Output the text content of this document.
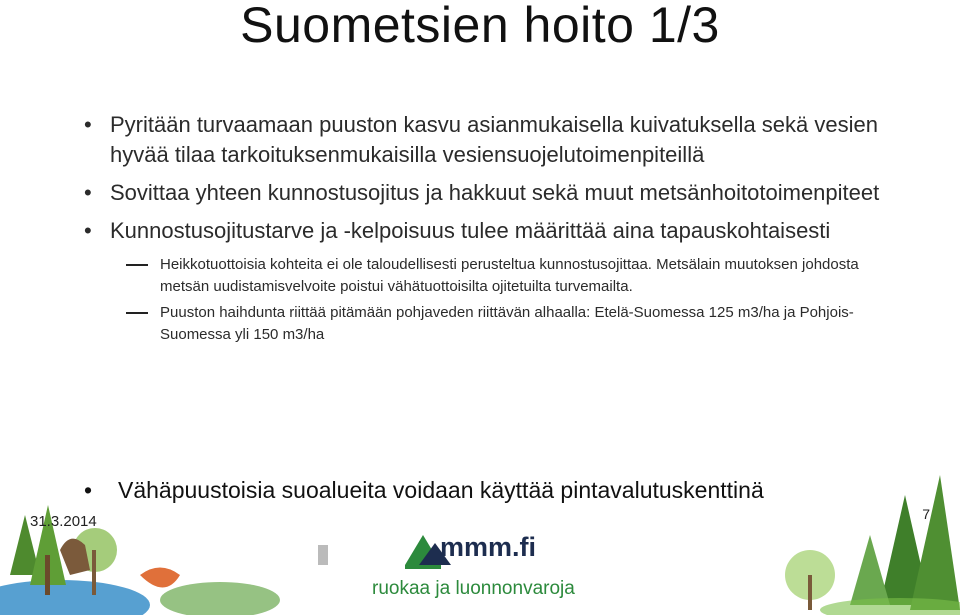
Suometsien hoito 1/3
• Pyritään turvaamaan puuston kasvu asianmukaisella kuivatuksella sekä vesien hyvää tilaa tarkoituksenmukaisilla vesiensuojelutoimenpiteillä
• Sovittaa yhteen kunnostusojitus ja hakkuut sekä muut metsänhoitotoimenpiteet
• Kunnostusojitustarve ja -kelpoisuus tulee määrittää aina tapauskohtaisesti
Heikkotuottoisia kohteita ei ole taloudellisesti perusteltua kunnostusojittaa. Metsälain muutoksen johdosta metsän uudistamisvelvoite poistui vähätuottoisilta ojitetuilta turvemailta.
Puuston haihdunta riittää pitämään pohjaveden riittävän alhaalla: Etelä-Suomessa 125 m3/ha ja Pohjois-Suomessa yli 150 m3/ha
• Vähäpuustoisia suoalueita voidaan käyttää pintavalutuskenttinä
31.3.2014	7
mmm.fi
ruokaa ja luonnonvaroja
